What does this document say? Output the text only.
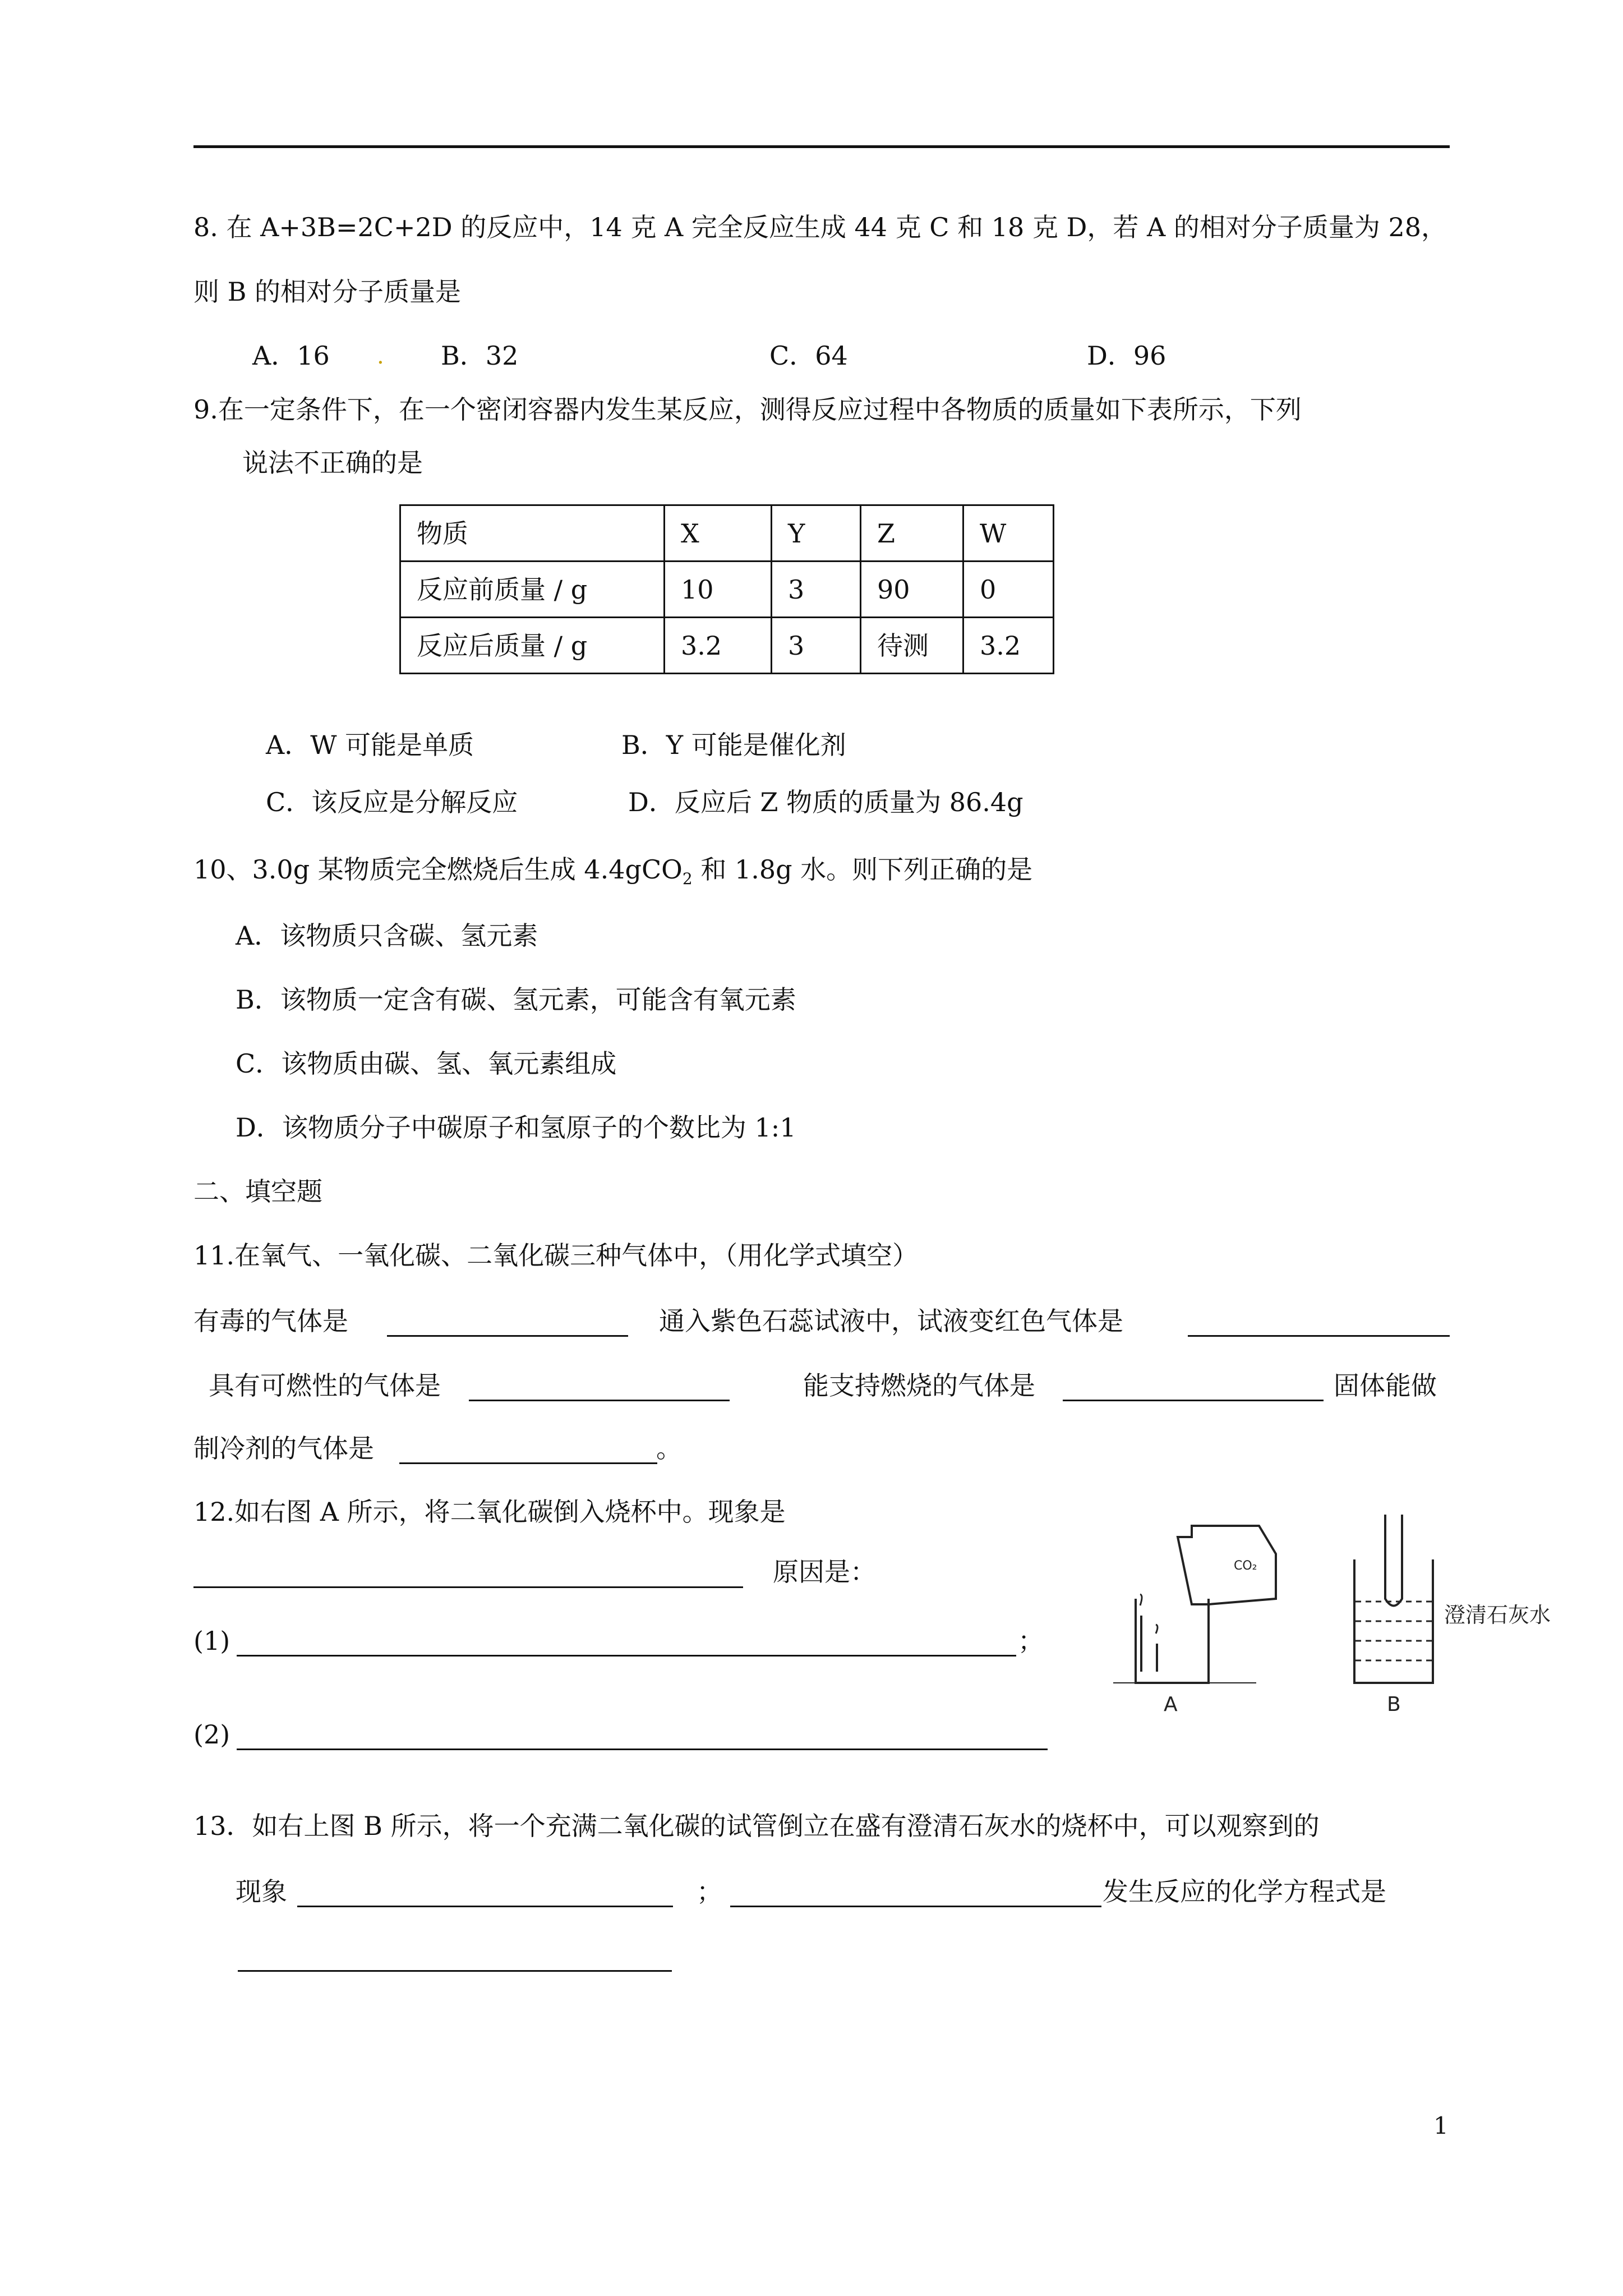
8. 在 A+3B=2C+2D 的反应中，14 克 A 完全反应生成 44 克 C 和 18 克 D，若 A 的相对分子质量为 28，
则 B 的相对分子质量是
A．16 . B．32	C．64	D．96
9.在一定条件下，在一个密闭容器内发生某反应，测得反应过程中各物质的质量如下表所示，下列
说法不正确的是
物质	X	Y	Z	W
反应前质量 / g	10	3	90	0
反应后质量 / g	3.2	3	待测	3.2
A．W 可能是单质	B．Y 可能是催化剂
C．该反应是分解反应	D．反应后 Z 物质的质量为 86.4g
10、3.0g 某物质完全燃烧后生成 4.4gCO$_2$ 和 1.8g 水。则下列正确的是
A．该物质只含碳、氢元素
B．该物质一定含有碳、氢元素，可能含有氧元素
C．该物质由碳、氢、氧元素组成
D．该物质分子中碳原子和氢原子的个数比为 1:1
二、填空题
11.在氧气、一氧化碳、二氧化碳三种气体中，（用化学式填空）
有毒的气体是	通入紫色石蕊试液中，试液变红色气体是
具有可燃性的气体是	能支持燃烧的气体是	固体能做
制冷剂的气体是	。
12.如右图 A 所示，将二氧化碳倒入烧杯中。现象是
原因是：
(1)	；
(2)
CO₂
A
澄清石灰水
B
13．如右上图 B 所示，将一个充满二氧化碳的试管倒立在盛有澄清石灰水的烧杯中，可以观察到的
现象	；	发生反应的化学方程式是
1
